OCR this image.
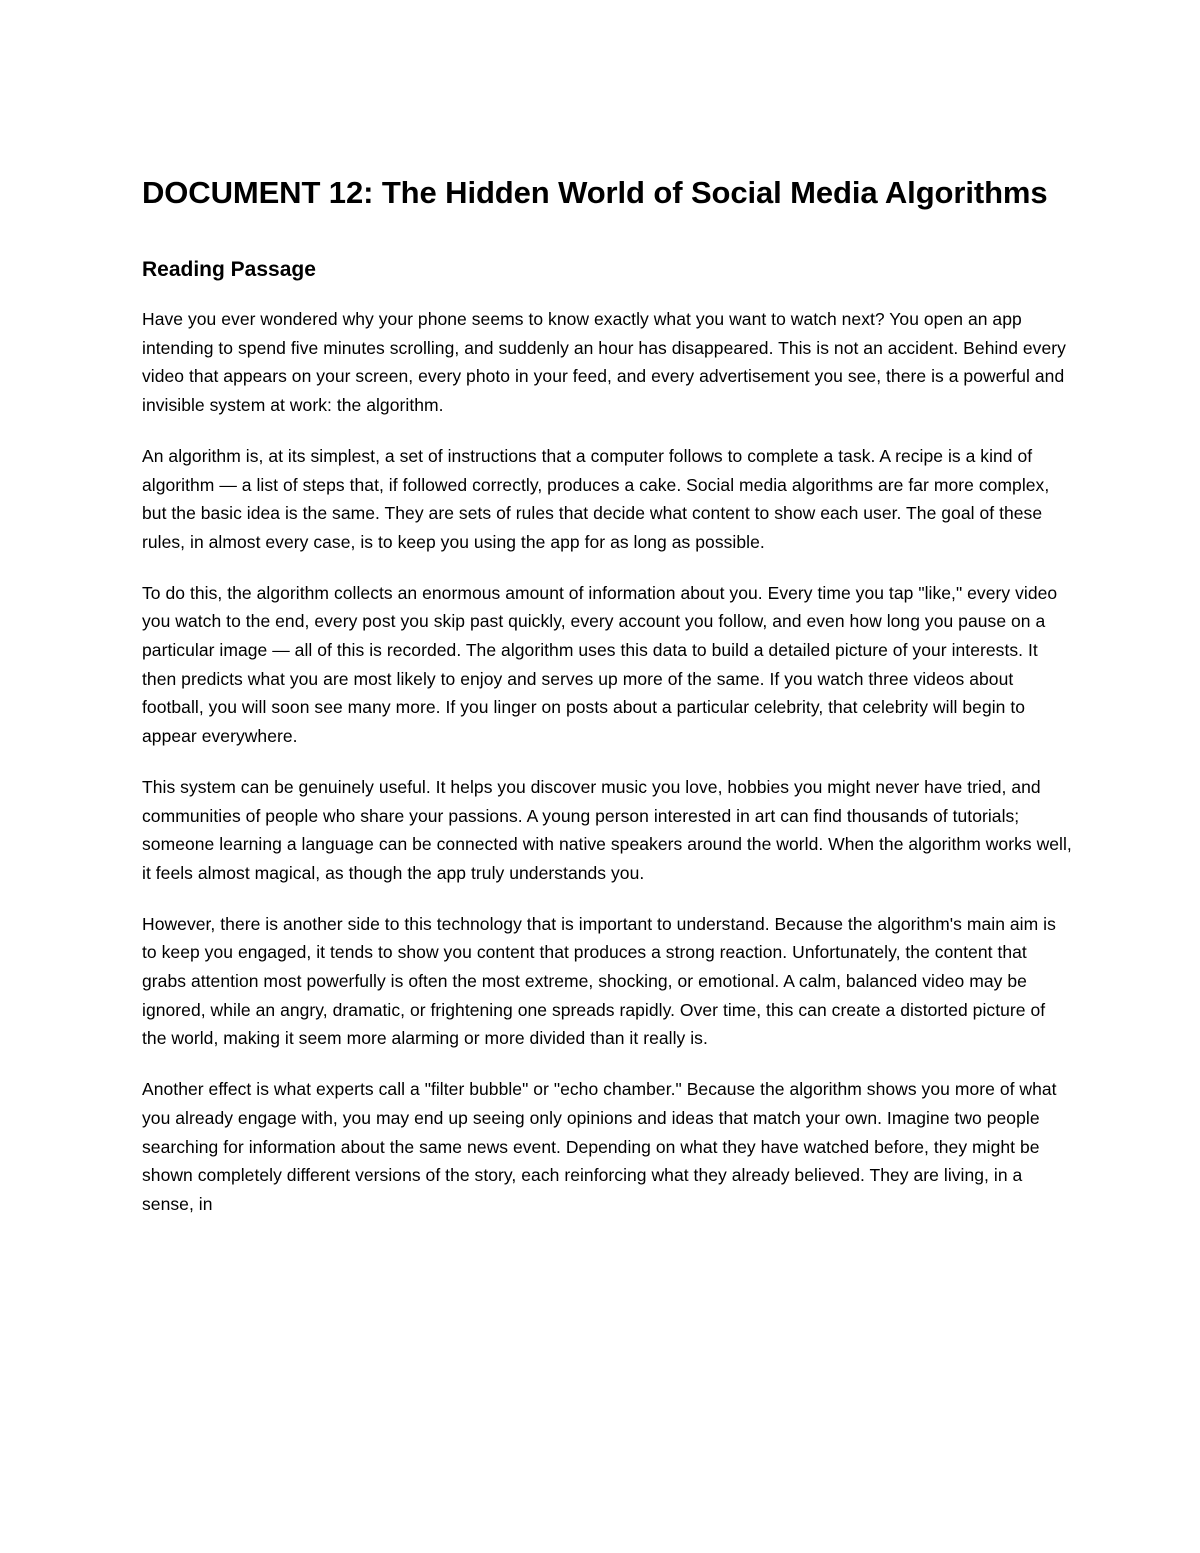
DOCUMENT 12: The Hidden World of Social Media Algorithms
Reading Passage

Have you ever wondered why your phone seems to know exactly what you want to watch next? You open an app intending to spend five minutes scrolling, and suddenly an hour has disappeared. This is not an accident. Behind every video that appears on your screen, every photo in your feed, and every advertisement you see, there is a powerful and invisible system at work: the algorithm.

An algorithm is, at its simplest, a set of instructions that a computer follows to complete a task. A recipe is a kind of algorithm — a list of steps that, if followed correctly, produces a cake. Social media algorithms are far more complex, but the basic idea is the same. They are sets of rules that decide what content to show each user. The goal of these rules, in almost every case, is to keep you using the app for as long as possible.

To do this, the algorithm collects an enormous amount of information about you. Every time you tap "like," every video you watch to the end, every post you skip past quickly, every account you follow, and even how long you pause on a particular image — all of this is recorded. The algorithm uses this data to build a detailed picture of your interests. It then predicts what you are most likely to enjoy and serves up more of the same. If you watch three videos about football, you will soon see many more. If you linger on posts about a particular celebrity, that celebrity will begin to appear everywhere.

This system can be genuinely useful. It helps you discover music you love, hobbies you might never have tried, and communities of people who share your passions. A young person interested in art can find thousands of tutorials; someone learning a language can be connected with native speakers around the world. When the algorithm works well, it feels almost magical, as though the app truly understands you.

However, there is another side to this technology that is important to understand. Because the algorithm's main aim is to keep you engaged, it tends to show you content that produces a strong reaction. Unfortunately, the content that grabs attention most powerfully is often the most extreme, shocking, or emotional. A calm, balanced video may be ignored, while an angry, dramatic, or frightening one spreads rapidly. Over time, this can create a distorted picture of the world, making it seem more alarming or more divided than it really is.

Another effect is what experts call a "filter bubble" or "echo chamber." Because the algorithm shows you more of what you already engage with, you may end up seeing only opinions and ideas that match your own. Imagine two people searching for information about the same news event. Depending on what they have watched before, they might be shown completely different versions of the story, each reinforcing what they already believed. They are living, in a sense, in
